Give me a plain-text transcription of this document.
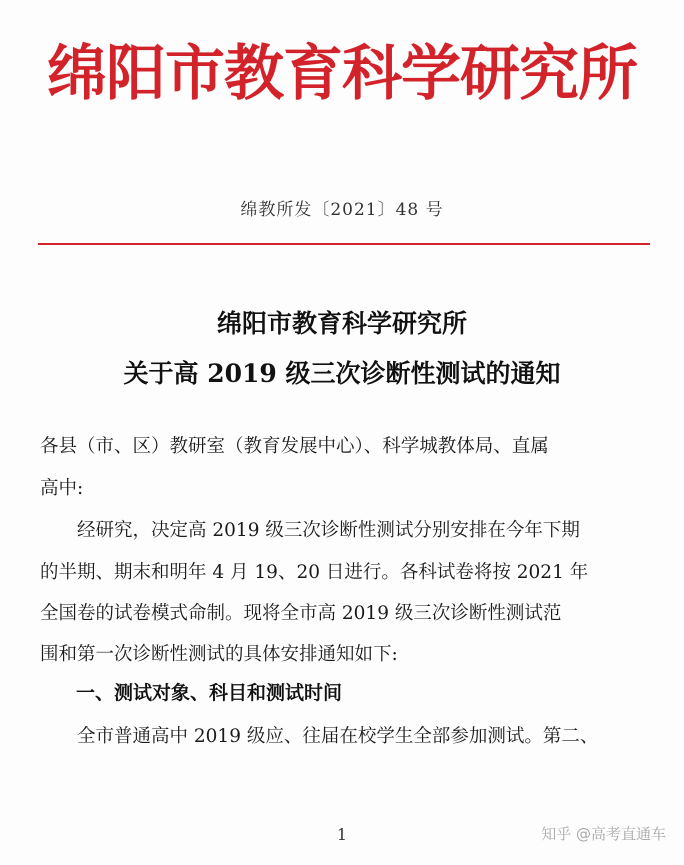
绵阳市教育科学研究所
绵教所发〔2021〕48 号
绵阳市教育科学研究所
关于高 2019 级三次诊断性测试的通知
各县（市、区）教研室（教育发展中心）、科学城教体局、直属
高中:
　　经研究，决定高 2019 级三次诊断性测试分别安排在今年下期
的半期、期末和明年 4 月 19、20 日进行。各科试卷将按 2021 年
全国卷的试卷模式命制。现将全市高 2019 级三次诊断性测试范
围和第一次诊断性测试的具体安排通知如下:
一、测试对象、科目和测试时间
　　全市普通高中 2019 级应、往届在校学生全部参加测试。第二、
1	知乎 @高考直通车
